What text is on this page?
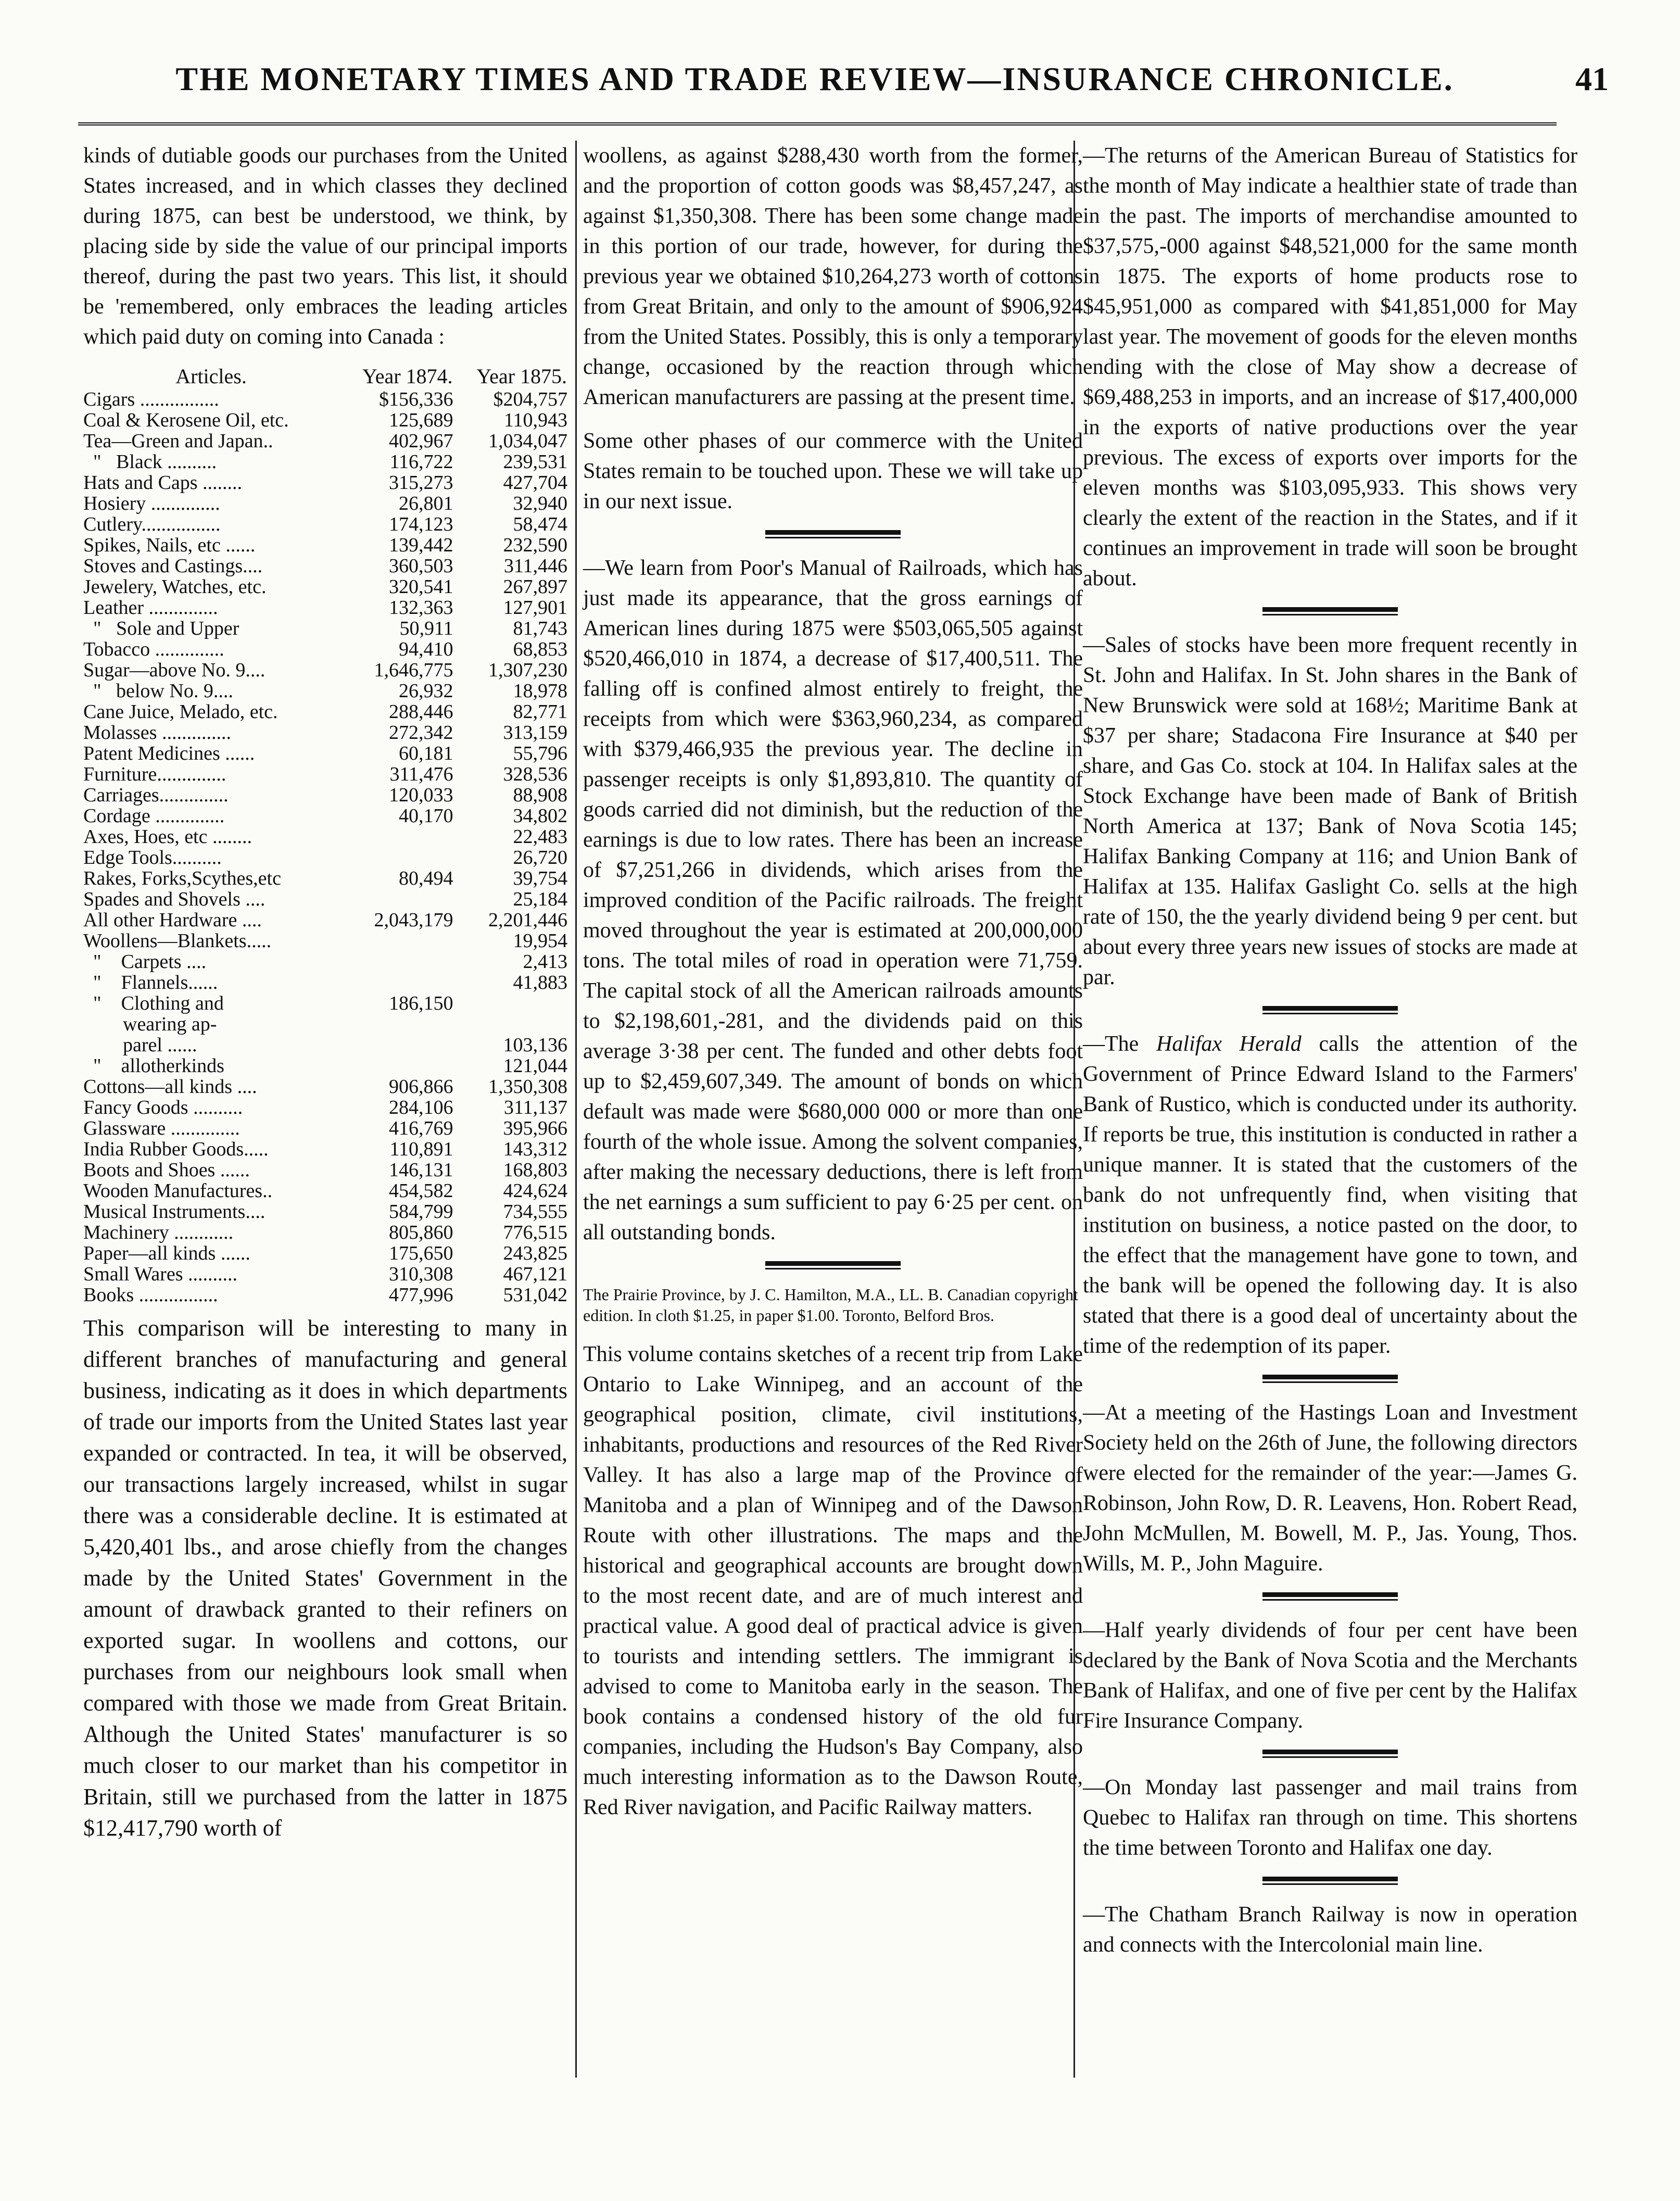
THE MONETARY TIMES AND TRADE REVIEW—INSURANCE CHRONICLE.	41

kinds of dutiable goods our purchases from the United States increased, and in which classes they declined during 1875, can best be understood, we think, by placing side by side the value of our principal imports thereof, during the past two years. This list, it should be 'remembered, only embraces the leading articles which paid duty on coming into Canada :

Articles.	Year 1874.	Year 1875.
Cigars ................	$156,336	$204,757
Coal & Kerosene Oil, etc.	125,689	110,943
Tea—Green and Japan..	402,967	1,034,047
"   Black ..........	116,722	239,531
Hats and Caps ........	315,273	427,704
Hosiery ..............	26,801	32,940
Cutlery................	174,123	58,474
Spikes, Nails, etc ......	139,442	232,590
Stoves and Castings....	360,503	311,446
Jewelery, Watches, etc.	320,541	267,897
Leather ..............	132,363	127,901
"   Sole and Upper	50,911	81,743
Tobacco ..............	94,410	68,853
Sugar—above No. 9....	1,646,775	1,307,230
"   below No. 9....	26,932	18,978
Cane Juice, Melado, etc.	288,446	82,771
Molasses ..............	272,342	313,159
Patent Medicines ......	60,181	55,796
Furniture..............	311,476	328,536
Carriages..............	120,033	88,908
Cordage ..............	40,170	34,802
Axes, Hoes, etc ........		22,483
Edge Tools..........		26,720
Rakes, Forks,Scythes,etc	80,494	39,754
Spades and Shovels ....		25,184
All other Hardware ....	2,043,179	2,201,446
Woollens—Blankets.....		19,954
"    Carpets ....		2,413
"    Flannels......		41,883
"    Clothing and	186,150	
wearing ap-		
parel ......		103,136
"    allotherkinds		121,044
Cottons—all kinds ....	906,866	1,350,308
Fancy Goods ..........	284,106	311,137
Glassware ..............	416,769	395,966
India Rubber Goods.....	110,891	143,312
Boots and Shoes ......	146,131	168,803
Wooden Manufactures..	454,582	424,624
Musical Instruments....	584,799	734,555
Machinery ............	805,860	776,515
Paper—all kinds ......	175,650	243,825
Small Wares ..........	310,308	467,121
Books ................	477,996	531,042

This comparison will be interesting to many in different branches of manufacturing and general business, indicating as it does in which departments of trade our imports from the United States last year expanded or contracted. In tea, it will be observed, our transactions largely increased, whilst in sugar there was a considerable decline. It is estimated at 5,420,401 lbs., and arose chiefly from the changes made by the United States' Government in the amount of drawback granted to their refiners on exported sugar. In woollens and cottons, our purchases from our neighbours look small when compared with those we made from Great Britain. Although the United States' manufacturer is so much closer to our market than his competitor in Britain, still we purchased from the latter in 1875 $12,417,790 worth of

woollens, as against $288,430 worth from the former, and the proportion of cotton goods was $8,457,247, as against $1,350,308. There has been some change made in this portion of our trade, however, for during the previous year we obtained $10,264,273 worth of cottons from Great Britain, and only to the amount of $906,924 from the United States. Possibly, this is only a temporary change, occasioned by the reaction through which American manufacturers are passing at the present time.

Some other phases of our commerce with the United States remain to be touched upon. These we will take up in our next issue.

—We learn from Poor's Manual of Railroads, which has just made its appearance, that the gross earnings of American lines during 1875 were $503,065,505 against $520,466,010 in 1874, a decrease of $17,400,511. The falling off is confined almost entirely to freight, the receipts from which were $363,960,234, as compared with $379,466,935 the previous year. The decline in passenger receipts is only $1,893,810. The quantity of goods carried did not diminish, but the reduction of the earnings is due to low rates. There has been an increase of $7,251,266 in dividends, which arises from the improved condition of the Pacific railroads. The freight moved throughout the year is estimated at 200,000,000 tons. The total miles of road in operation were 71,759. The capital stock of all the American railroads amounts to $2,198,601,-281, and the dividends paid on this average 3·38 per cent. The funded and other debts foot up to $2,459,607,349. The amount of bonds on which default was made were $680,000 000 or more than one fourth of the whole issue. Among the solvent companies, after making the necessary deductions, there is left from the net earnings a sum sufficient to pay 6·25 per cent. on all outstanding bonds.

The Prairie Province, by J. C. Hamilton, M.A., LL. B. Canadian copyright edition. In cloth $1.25, in paper $1.00. Toronto, Belford Bros.

This volume contains sketches of a recent trip from Lake Ontario to Lake Winnipeg, and an account of the geographical position, climate, civil institutions, inhabitants, productions and resources of the Red River Valley. It has also a large map of the Province of Manitoba and a plan of Winnipeg and of the Dawson Route with other illustrations. The maps and the historical and geographical accounts are brought down to the most recent date, and are of much interest and practical value. A good deal of practical advice is given to tourists and intending settlers. The immigrant is advised to come to Manitoba early in the season. The book contains a condensed history of the old fur companies, including the Hudson's Bay Company, also much interesting information as to the Dawson Route, Red River navigation, and Pacific Railway matters.

—The returns of the American Bureau of Statistics for the month of May indicate a healthier state of trade than in the past. The imports of merchandise amounted to $37,575,-000 against $48,521,000 for the same month in 1875. The exports of home products rose to $45,951,000 as compared with $41,851,000 for May last year. The movement of goods for the eleven months ending with the close of May show a decrease of $69,488,253 in imports, and an increase of $17,400,000 in the exports of native productions over the year previous. The excess of exports over imports for the eleven months was $103,095,933. This shows very clearly the extent of the reaction in the States, and if it continues an improvement in trade will soon be brought about.

—Sales of stocks have been more frequent recently in St. John and Halifax. In St. John shares in the Bank of New Brunswick were sold at 168½; Maritime Bank at $37 per share; Stadacona Fire Insurance at $40 per share, and Gas Co. stock at 104. In Halifax sales at the Stock Exchange have been made of Bank of British North America at 137; Bank of Nova Scotia 145; Halifax Banking Company at 116; and Union Bank of Halifax at 135. Halifax Gaslight Co. sells at the high rate of 150, the the yearly dividend being 9 per cent. but about every three years new issues of stocks are made at par.

—The Halifax Herald calls the attention of the Government of Prince Edward Island to the Farmers' Bank of Rustico, which is conducted under its authority. If reports be true, this institution is conducted in rather a unique manner. It is stated that the customers of the bank do not unfrequently find, when visiting that institution on business, a notice pasted on the door, to the effect that the management have gone to town, and the bank will be opened the following day. It is also stated that there is a good deal of uncertainty about the time of the redemption of its paper.

—At a meeting of the Hastings Loan and Investment Society held on the 26th of June, the following directors were elected for the remainder of the year:—James G. Robinson, John Row, D. R. Leavens, Hon. Robert Read, John McMullen, M. Bowell, M. P., Jas. Young, Thos. Wills, M. P., John Maguire.

—Half yearly dividends of four per cent have been declared by the Bank of Nova Scotia and the Merchants Bank of Halifax, and one of five per cent by the Halifax Fire Insurance Company.

—On Monday last passenger and mail trains from Quebec to Halifax ran through on time. This shortens the time between Toronto and Halifax one day.

—The Chatham Branch Railway is now in operation and connects with the Intercolonial main line.
